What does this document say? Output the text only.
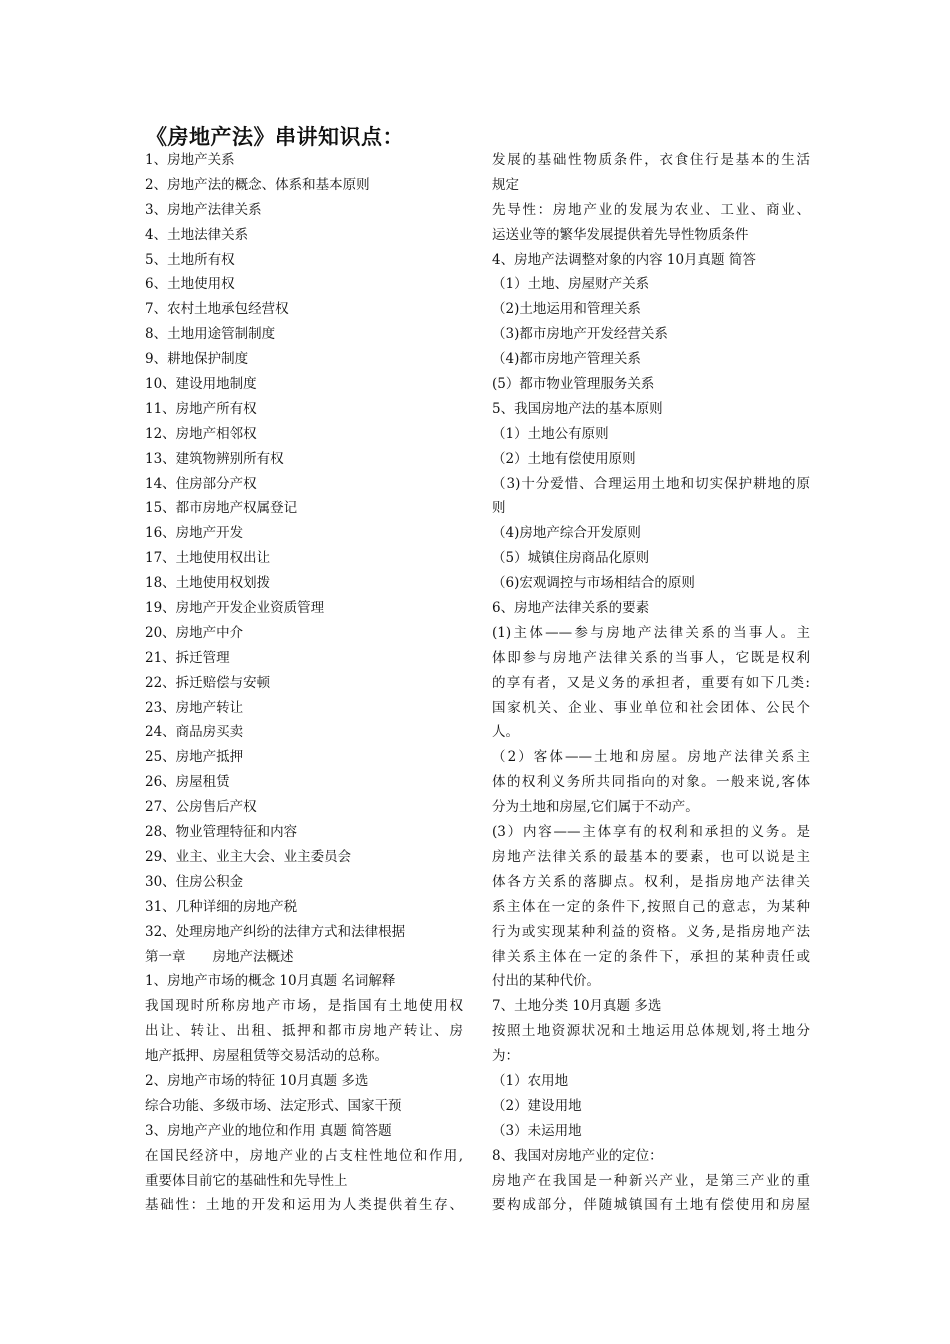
《房地产法》串讲知识点：
1、房地产关系
2、房地产法的概念、体系和基本原则
3、房地产法律关系
4、土地法律关系
5、土地所有权
6、土地使用权
7、农村土地承包经营权
8、土地用途管制制度
9、耕地保护制度
10、建设用地制度
11、房地产所有权
12、房地产相邻权
13、建筑物辨别所有权
14、住房部分产权
15、都市房地产权属登记
16、房地产开发
17、土地使用权出让
18、土地使用权划拨
19、房地产开发企业资质管理
20、房地产中介
21、拆迁管理
22、拆迁赔偿与安顿
23、房地产转让
24、商品房买卖
25、房地产抵押
26、房屋租赁
27、公房售后产权
28、物业管理特征和内容
29、业主、业主大会、业主委员会
30、住房公积金
31、几种详细的房地产税
32、处理房地产纠纷的法律方式和法律根据
第一章　　房地产法概述
1、房地产市场的概念 10月真题 名词解释
我国现时所称房地产市场，是指国有土地使用权
出让、转让、出租、抵押和都市房地产转让、房
地产抵押、房屋租赁等交易活动的总称。
2、房地产市场的特征 10月真题 多选
综合功能、多级市场、法定形式、国家干预
3、房地产产业的地位和作用 真题 简答题
在国民经济中，房地产业的占支柱性地位和作用,
重要体目前它的基础性和先导性上
基础性：土地的开发和运用为人类提供着生存、
发展的基础性物质条件，衣食住行是基本的生活
规定
先导性：房地产业的发展为农业、工业、商业、
运送业等的繁华发展提供着先导性物质条件
4、房地产法调整对象的内容 10月真题 简答
（1）土地、房屋财产关系
（2)土地运用和管理关系
（3)都市房地产开发经营关系
（4)都市房地产管理关系
(5）都市物业管理服务关系
5、我国房地产法的基本原则
（1）土地公有原则
（2）土地有偿使用原则
（3)十分爱惜、合理运用土地和切实保护耕地的原
则
（4)房地产综合开发原则
（5）城镇住房商品化原则
（6)宏观调控与市场相结合的原则
6、房地产法律关系的要素
(1)主体——参与房地产法律关系的当事人。主
体即参与房地产法律关系的当事人，它既是权利
的享有者，又是义务的承担者，重要有如下几类:
国家机关、企业、事业单位和社会团体、公民个
人。
（2）客体——土地和房屋。房地产法律关系主
体的权利义务所共同指向的对象。一般来说,客体
分为土地和房屋,它们属于不动产。
(3）内容——主体享有的权利和承担的义务。是
房地产法律关系的最基本的要素，也可以说是主
体各方关系的落脚点。权利，是指房地产法律关
系主体在一定的条件下,按照自己的意志，为某种
行为或实现某种利益的资格。义务,是指房地产法
律关系主体在一定的条件下，承担的某种责任或
付出的某种代价。
7、土地分类 10月真题 多选
按照土地资源状况和土地运用总体规划,将土地分
为：
（1）农用地
（2）建设用地
（3）未运用地
8、我国对房地产业的定位：
房地产在我国是一种新兴产业，是第三产业的重
要构成部分，伴随城镇国有土地有偿使用和房屋
